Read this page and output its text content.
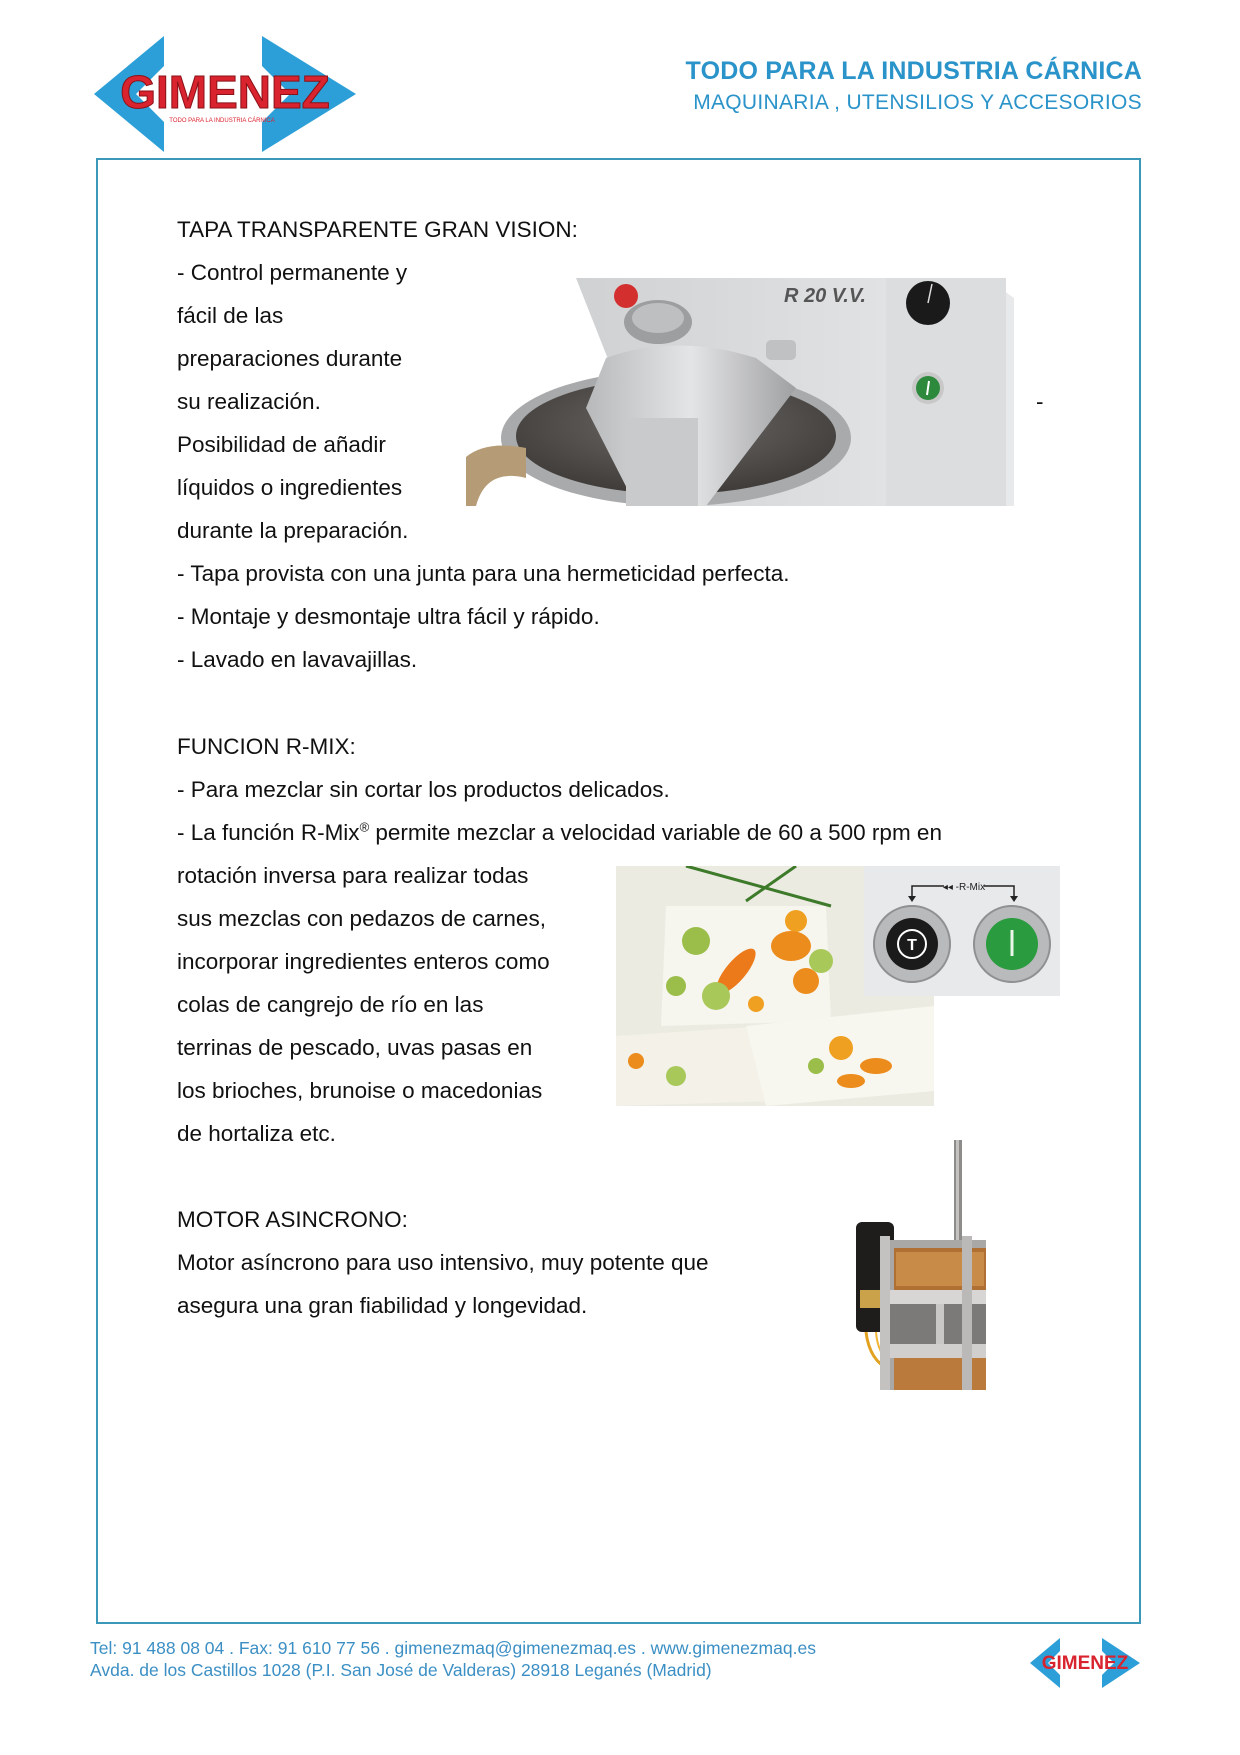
GIMENEZ
TODO PARA LA INDUSTRIA CÁRNICA
TODO PARA LA INDUSTRIA CÁRNICA
MAQUINARIA , UTENSILIOS Y ACCESORIOS
TAPA TRANSPARENTE GRAN VISION:
- Control permanente y
fácil de las
preparaciones durante
su realización.
Posibilidad de añadir
líquidos o ingredientes
durante la preparación.
- Tapa provista con una junta para una hermeticidad perfecta.
- Montaje y desmontaje ultra fácil y rápido.
- Lavado en lavavajillas.
-
R 20 V.V.
FUNCION R-MIX:
- Para mezclar sin cortar los productos delicados.
- La función R-Mix® permite mezclar a velocidad variable de 60 a 500 rpm en
rotación inversa para realizar todas
sus mezclas con pedazos de carnes,
incorporar ingredientes enteros como
colas de cangrejo de río en las
terrinas de pescado, uvas pasas en
los brioches, brunoise o macedonias
de hortaliza etc.
◂◂ -R-Mix
T
MOTOR ASINCRONO:
Motor asíncrono para uso intensivo, muy potente que
asegura una gran fiabilidad y longevidad.
Tel: 91 488 08 04 . Fax: 91 610 77 56 . gimenezmaq@gimenezmaq.es . www.gimenezmaq.es
Avda. de los Castillos 1028 (P.I. San José de Valderas) 28918 Leganés (Madrid)	GIMENEZ
